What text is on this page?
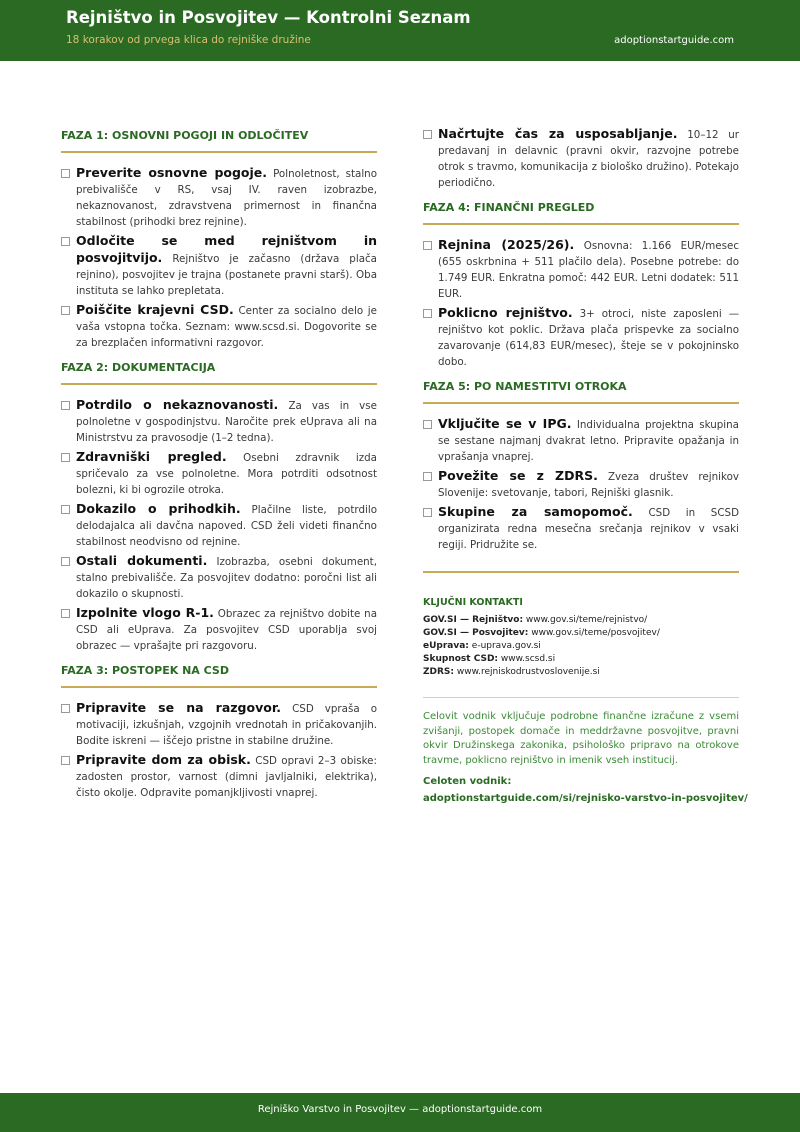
Rejništvo in Posvojitev — Kontrolni Seznam
18 korakov od prvega klica do rejniške družine	adoptionstartguide.com
FAZA 1: OSNOVNI POGOJI IN ODLOČITEV
Preverite osnovne pogoje. Polnoletnost, stalno prebivališče v RS, vsaj IV. raven izobrazbe, nekaznovanost, zdravstvena primernost in finančna stabilnost (prihodki brez rejnine).
Odločite se med rejništvom in posvojitvijo. Rejništvo je začasno (država plača rejnino), posvojitev je trajna (postanete pravni starš). Oba instituta se lahko prepletata.
Poiščite krajevni CSD. Center za socialno delo je vaša vstopna točka. Seznam: www.scsd.si. Dogovorite se za brezplačen informativni razgovor.
FAZA 2: DOKUMENTACIJA
Potrdilo o nekaznovanosti. Za vas in vse polnoletne v gospodinjstvu. Naročite prek eUprava ali na Ministrstvu za pravosodje (1–2 tedna).
Zdravniški pregled. Osebni zdravnik izda spričevalo za vse polnoletne. Mora potrditi odsotnost bolezni, ki bi ogrozile otroka.
Dokazilo o prihodkih. Plačilne liste, potrdilo delodajalca ali davčna napoved. CSD želi videti finančno stabilnost neodvisno od rejnine.
Ostali dokumenti. Izobrazba, osebni dokument, stalno prebivališče. Za posvojitev dodatno: poročni list ali dokazilo o skupnosti.
Izpolnite vlogo R-1. Obrazec za rejništvo dobite na CSD ali eUprava. Za posvojitev CSD uporablja svoj obrazec — vprašajte pri razgovoru.
FAZA 3: POSTOPEK NA CSD
Pripravite se na razgovor. CSD vpraša o motivaciji, izkušnjah, vzgojnih vrednotah in pričakovanjih. Bodite iskreni — iščejo pristne in stabilne družine.
Pripravite dom za obisk. CSD opravi 2–3 obiske: zadosten prostor, varnost (dimni javljalniki, elektrika), čisto okolje. Odpravite pomanjkljivosti vnaprej.
Načrtujte čas za usposabljanje. 10–12 ur predavanj in delavnic (pravni okvir, razvojne potrebe otrok s travmo, komunikacija z biološko družino). Potekajo periodično.
FAZA 4: FINANČNI PREGLED
Rejnina (2025/26). Osnovna: 1.166 EUR/mesec (655 oskrbnina + 511 plačilo dela). Posebne potrebe: do 1.749 EUR. Enkratna pomoč: 442 EUR. Letni dodatek: 511 EUR.
Poklicno rejništvo. 3+ otroci, niste zaposleni — rejništvo kot poklic. Država plača prispevke za socialno zavarovanje (614,83 EUR/mesec), šteje se v pokojninsko dobo.
FAZA 5: PO NAMESTITVI OTROKA
Vključite se v IPG. Individualna projektna skupina se sestane najmanj dvakrat letno. Pripravite opažanja in vprašanja vnaprej.
Povežite se z ZDRS. Zveza društev rejnikov Slovenije: svetovanje, tabori, Rejniški glasnik.
Skupine za samopomoč. CSD in SCSD organizirata redna mesečna srečanja rejnikov v vsaki regiji. Pridružite se.
KLJUČNI KONTAKTI
GOV.SI — Rejništvo: www.gov.si/teme/rejnistvo/
GOV.SI — Posvojitev: www.gov.si/teme/posvojitev/
eUprava: e-uprava.gov.si
Skupnost CSD: www.scsd.si
ZDRS: www.rejniskodrustvoslovenije.si
Celovit vodnik vključuje podrobne finančne izračune z vsemi zvišanji, postopek domače in meddržavne posvojitve, pravni okvir Družinskega zakonika, psihološko pripravo na otrokove travme, poklicno rejništvo in imenik vseh institucij.
Celoten vodnik:
adoptionstartguide.com/si/rejnisko-varstvo-in-posvojitev/
Rejniško Varstvo in Posvojitev — adoptionstartguide.com
